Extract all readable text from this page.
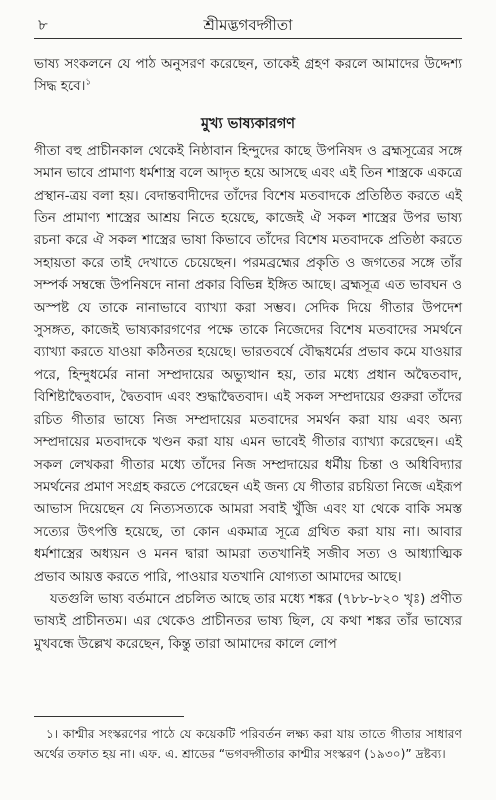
৮	শ্রীমদ্ভগবদ্গীতা

ভাষ্য সংকলনে যে পাঠ অনুসরণ করেছেন, তাকেই গ্রহণ করলে আমাদের উদ্দেশ্য সিদ্ধ হবে।$^১$

মুখ্য ভাষ্যকারগণ

গীতা বহু প্রাচীনকাল থেকেই নিষ্ঠাবান হিন্দুদের কাছে উপনিষদ ও ব্রহ্মসূত্রের সঙ্গে সমান ভাবে প্রামাণ্য ধর্মশাস্ত্র বলে আদৃত হয়ে আসছে এবং এই তিন শাস্ত্রকে একত্রে প্রস্থান-ত্রয় বলা হয়। বেদান্তবাদীদের তাঁদের বিশেষ মতবাদকে প্রতিষ্ঠিত করতে এই তিন প্রামাণ্য শাস্ত্রের আশ্রয় নিতে হয়েছে, কাজেই ঐ সকল শাস্ত্রের উপর ভাষ্য রচনা করে ঐ সকল শাস্ত্রের ভাষা কিভাবে তাঁদের বিশেষ মতবাদকে প্রতিষ্ঠা করতে সহায়তা করে তাই দেখাতে চেয়েছেন। পরমব্রহ্মের প্রকৃতি ও জগতের সঙ্গে তাঁর সম্পর্ক সম্বন্ধে উপনিষদে নানা প্রকার বিভিন্ন ইঙ্গিত আছে। ব্রহ্মসূত্র এত ভাবঘন ও অস্পষ্ট যে তাকে নানাভাবে ব্যাখ্যা করা সম্ভব। সেদিক দিয়ে গীতার উপদেশ সুসঙ্গত, কাজেই ভাষ্যকারগণের পক্ষে তাকে নিজেদের বিশেষ মতবাদের সমর্থনে ব্যাখ্যা করতে যাওয়া কঠিনতর হয়েছে। ভারতবর্ষে বৌদ্ধধর্মের প্রভাব কমে যাওয়ার পরে, হিন্দুধর্মের নানা সম্প্রদায়ের অভ্যুত্থান হয়, তার মধ্যে প্রধান অদ্বৈতবাদ, বিশিষ্টাদ্বৈতবাদ, দ্বৈতবাদ এবং শুদ্ধাদ্বৈতবাদ। এই সকল সম্প্রদায়ের গুরুরা তাঁদের রচিত গীতার ভাষ্যে নিজ সম্প্রদায়ের মতবাদের সমর্থন করা যায় এবং অন্য সম্প্রদায়ের মতবাদকে খণ্ডন করা যায় এমন ভাবেই গীতার ব্যাখ্যা করেছেন। এই সকল লেখকরা গীতার মধ্যে তাঁদের নিজ সম্প্রদায়ের ধর্মীয় চিন্তা ও অধিবিদ্যার সমর্থনের প্রমাণ সংগ্রহ করতে পেরেছেন এই জন্য যে গীতার রচয়িতা নিজে এইরূপ আভাস দিয়েছেন যে নিত্যসত্যকে আমরা সবাই খুঁজি এবং যা থেকে বাকি সমস্ত সত্যের উৎপত্তি হয়েছে, তা কোন একমাত্র সূত্রে গ্রথিত করা যায় না। আবার ধর্মশাস্ত্রের অধ্যয়ন ও মনন দ্বারা আমরা ততখানিই সজীব সত্য ও আধ্যাত্মিক প্রভাব আয়ত্ত করতে পারি, পাওয়ার যতখানি যোগ্যতা আমাদের আছে।

যতগুলি ভাষ্য বর্তমানে প্রচলিত আছে তার মধ্যে শঙ্কর (৭৮৮-৮২০ খৃঃ) প্রণীত ভাষ্যই প্রাচীনতম। এর থেকেও প্রাচীনতর ভাষ্য ছিল, যে কথা শঙ্কর তাঁর ভাষ্যের মুখবন্ধে উল্লেখ করেছেন, কিন্তু তারা আমাদের কালে লোপ

১। কাশ্মীর সংস্করণের পাঠে যে কয়েকটি পরিবর্তন লক্ষ্য করা যায় তাতে গীতার সাধারণ অর্থের তফাত হয় না। এফ. এ. শ্রাডের “ভগবদ্গীতার কাশ্মীর সংস্করণ (১৯৩০)” দ্রষ্টব্য।
